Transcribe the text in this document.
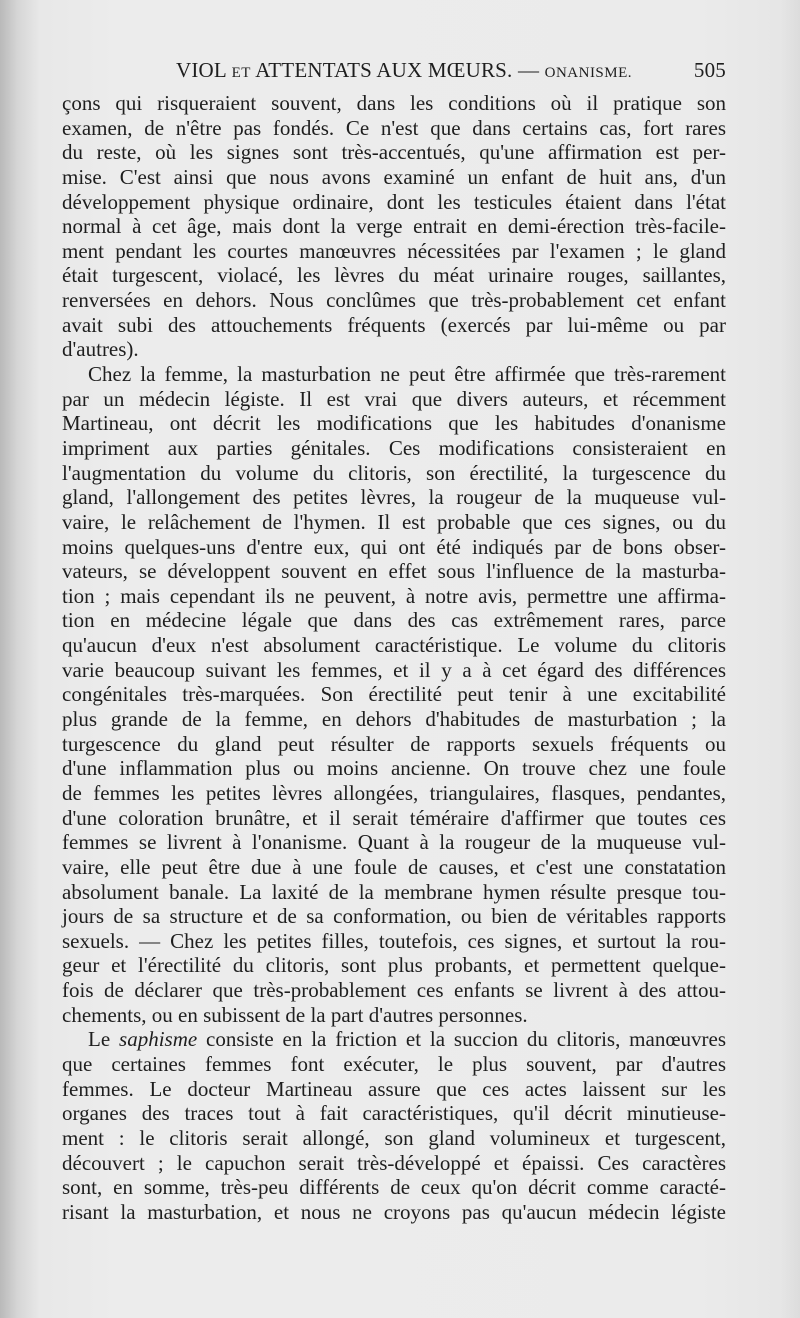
VIOL ET ATTENTATS AUX MŒURS. — ONANISME.	505
çons qui risqueraient souvent, dans les conditions où il pratique son
examen, de n'être pas fondés. Ce n'est que dans certains cas, fort rares
du reste, où les signes sont très-accentués, qu'une affirmation est per-
mise. C'est ainsi que nous avons examiné un enfant de huit ans, d'un
développement physique ordinaire, dont les testicules étaient dans l'état
normal à cet âge, mais dont la verge entrait en demi-érection très-facile-
ment pendant les courtes manœuvres nécessitées par l'examen ; le gland
était turgescent, violacé, les lèvres du méat urinaire rouges, saillantes,
renversées en dehors. Nous conclûmes que très-probablement cet enfant
avait subi des attouchements fréquents (exercés par lui-même ou par
d'autres).
Chez la femme, la masturbation ne peut être affirmée que très-rarement
par un médecin légiste. Il est vrai que divers auteurs, et récemment
Martineau, ont décrit les modifications que les habitudes d'onanisme
impriment aux parties génitales. Ces modifications consisteraient en
l'augmentation du volume du clitoris, son érectilité, la turgescence du
gland, l'allongement des petites lèvres, la rougeur de la muqueuse vul-
vaire, le relâchement de l'hymen. Il est probable que ces signes, ou du
moins quelques-uns d'entre eux, qui ont été indiqués par de bons obser-
vateurs, se développent souvent en effet sous l'influence de la masturba-
tion ; mais cependant ils ne peuvent, à notre avis, permettre une affirma-
tion en médecine légale que dans des cas extrêmement rares, parce
qu'aucun d'eux n'est absolument caractéristique. Le volume du clitoris
varie beaucoup suivant les femmes, et il y a à cet égard des différences
congénitales très-marquées. Son érectilité peut tenir à une excitabilité
plus grande de la femme, en dehors d'habitudes de masturbation ; la
turgescence du gland peut résulter de rapports sexuels fréquents ou
d'une inflammation plus ou moins ancienne. On trouve chez une foule
de femmes les petites lèvres allongées, triangulaires, flasques, pendantes,
d'une coloration brunâtre, et il serait téméraire d'affirmer que toutes ces
femmes se livrent à l'onanisme. Quant à la rougeur de la muqueuse vul-
vaire, elle peut être due à une foule de causes, et c'est une constatation
absolument banale. La laxité de la membrane hymen résulte presque tou-
jours de sa structure et de sa conformation, ou bien de véritables rapports
sexuels. — Chez les petites filles, toutefois, ces signes, et surtout la rou-
geur et l'érectilité du clitoris, sont plus probants, et permettent quelque-
fois de déclarer que très-probablement ces enfants se livrent à des attou-
chements, ou en subissent de la part d'autres personnes.
Le saphisme consiste en la friction et la succion du clitoris, manœuvres
que certaines femmes font exécuter, le plus souvent, par d'autres
femmes. Le docteur Martineau assure que ces actes laissent sur les
organes des traces tout à fait caractéristiques, qu'il décrit minutieuse-
ment : le clitoris serait allongé, son gland volumineux et turgescent,
découvert ; le capuchon serait très-développé et épaissi. Ces caractères
sont, en somme, très-peu différents de ceux qu'on décrit comme caracté-
risant la masturbation, et nous ne croyons pas qu'aucun médecin légiste
